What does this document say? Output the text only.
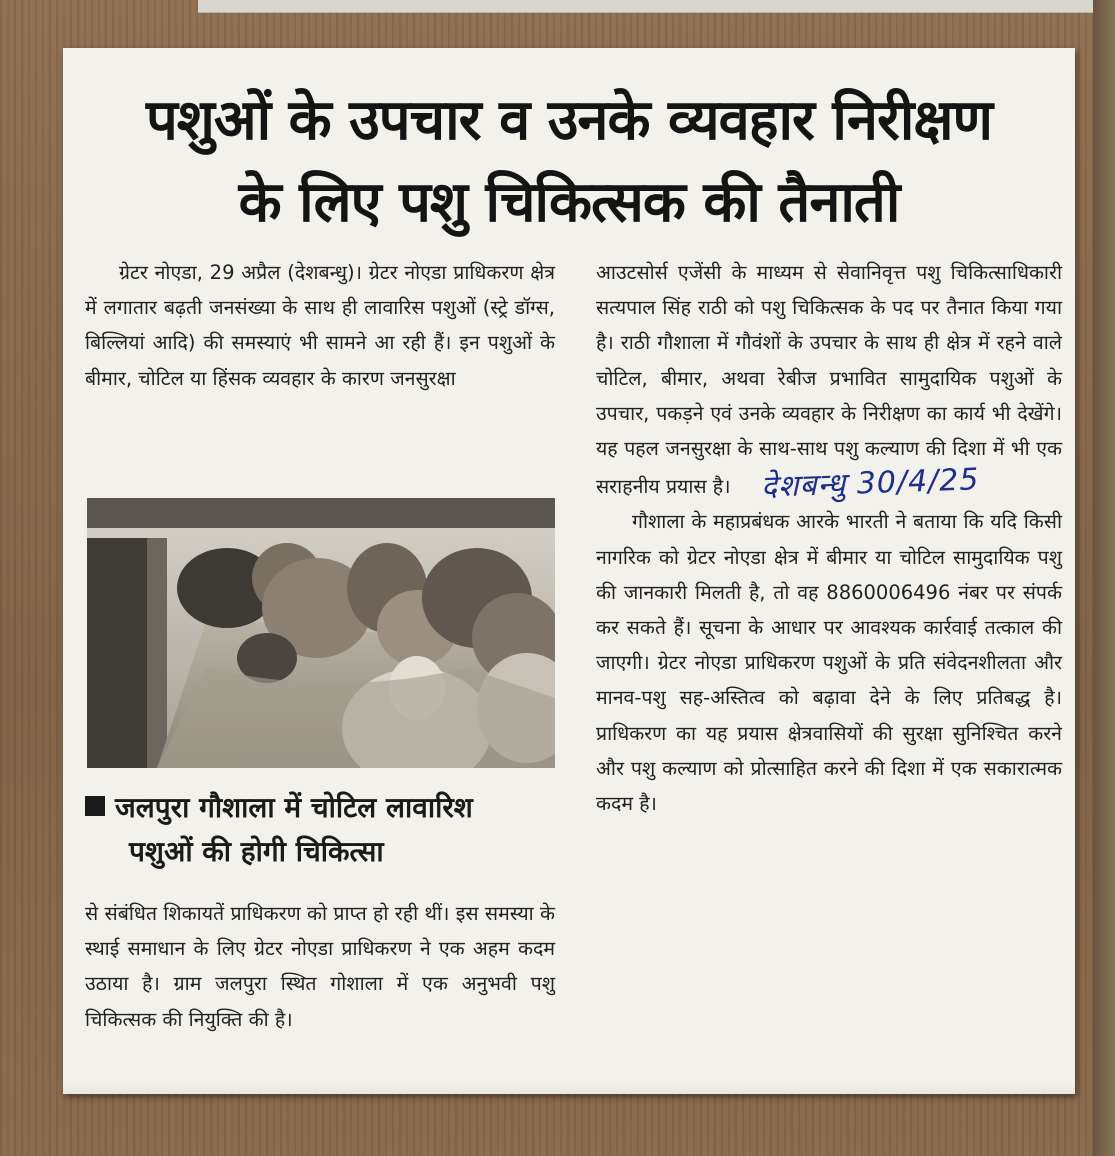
पशुओं के उपचार व उनके व्यवहार निरीक्षण
के लिए पशु चिकित्सक की तैनाती
ग्रेटर नोएडा, 29 अप्रैल (देशबन्धु)। ग्रेटर नोएडा प्राधिकरण क्षेत्र में लगातार बढ़ती जनसंख्या के साथ ही लावारिस पशुओं (स्ट्रे डॉग्स, बिल्लियां आदि) की समस्याएं भी सामने आ रही हैं। इन पशुओं के बीमार, चोटिल या हिंसक व्यवहार के कारण जनसुरक्षा
जलपुरा गौशाला में चोटिल लावारिश
पशुओं की होगी चिकित्सा
से संबंधित शिकायतें प्राधिकरण को प्राप्त हो रही थीं। इस समस्या के स्थाई समाधान के लिए ग्रेटर नोएडा प्राधिकरण ने एक अहम कदम उठाया है। ग्राम जलपुरा स्थित गोशाला में एक अनुभवी पशु चिकित्सक की नियुक्ति की है।

आउटसोर्स एजेंसी के माध्यम से सेवानिवृत्त पशु चिकित्साधिकारी सत्यपाल सिंह राठी को पशु चिकित्सक के पद पर तैनात किया गया है। राठी गौशाला में गौवंशों के उपचार के साथ ही क्षेत्र में रहने वाले चोटिल, बीमार, अथवा रेबीज प्रभावित सामुदायिक पशुओं के उपचार, पकड़ने एवं उनके व्यवहार के निरीक्षण का कार्य भी देखेंगे। यह पहल जनसुरक्षा के साथ-साथ पशु कल्याण की दिशा में भी एक सराहनीय प्रयास है। देशबन्धु 30/4/25

गौशाला के महाप्रबंधक आरके भारती ने बताया कि यदि किसी नागरिक को ग्रेटर नोएडा क्षेत्र में बीमार या चोटिल सामुदायिक पशु की जानकारी मिलती है, तो वह 8860006496 नंबर पर संपर्क कर सकते हैं। सूचना के आधार पर आवश्यक कार्रवाई तत्काल की जाएगी। ग्रेटर नोएडा प्राधिकरण पशुओं के प्रति संवेदनशीलता और मानव-पशु सह-अस्तित्व को बढ़ावा देने के लिए प्रतिबद्ध है। प्राधिकरण का यह प्रयास क्षेत्रवासियों की सुरक्षा सुनिश्चित करने और पशु कल्याण को प्रोत्साहित करने की दिशा में एक सकारात्मक कदम है।
